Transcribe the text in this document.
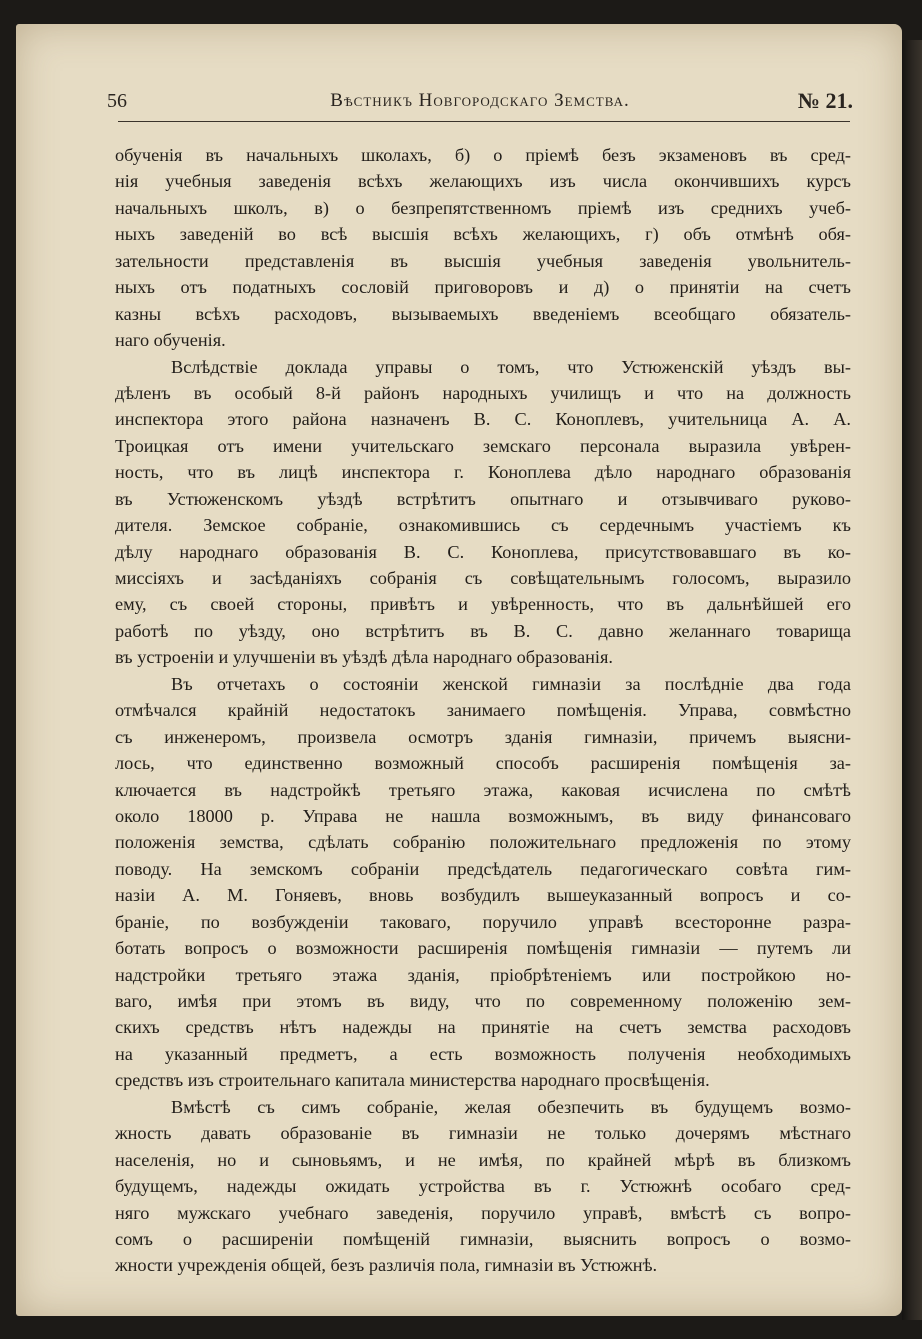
56	Вѣстникъ Новгородскаго Земства.	№ 21.
обученія въ начальныхъ школахъ, б) о пріемѣ безъ экзаменовъ въ сред-
нія учебныя заведенія всѣхъ желающихъ изъ числа окончившихъ курсъ
начальныхъ школъ, в) о безпрепятственномъ пріемѣ изъ среднихъ учеб-
ныхъ заведеній во всѣ высшія всѣхъ желающихъ, г) объ отмѣнѣ обя-
зательности представленія въ высшія учебныя заведенія увольнитель-
ныхъ отъ податныхъ сословій приговоровъ и д) о принятіи на счетъ
казны всѣхъ расходовъ, вызываемыхъ введеніемъ всеобщаго обязатель-
наго обученія.
Вслѣдствіе доклада управы о томъ, что Устюженскій уѣздъ вы-
дѣленъ въ особый 8-й районъ народныхъ училищъ и что на должность
инспектора этого района назначенъ В. С. Коноплевъ, учительница А. А.
Троицкая отъ имени учительскаго земскаго персонала выразила увѣрен-
ность, что въ лицѣ инспектора г. Коноплева дѣло народнаго образованія
въ Устюженскомъ уѣздѣ встрѣтитъ опытнаго и отзывчиваго руково-
дителя. Земское собраніе, ознакомившись съ сердечнымъ участіемъ къ
дѣлу народнаго образованія В. С. Коноплева, присутствовавшаго въ ко-
миссіяхъ и засѣданіяхъ собранія съ совѣщательнымъ голосомъ, выразило
ему, съ своей стороны, привѣтъ и увѣренность, что въ дальнѣйшей его
работѣ по уѣзду, оно встрѣтитъ въ В. С. давно желаннаго товарища
въ устроеніи и улучшеніи въ уѣздѣ дѣла народнаго образованія.
Въ отчетахъ о состояніи женской гимназіи за послѣдніе два года
отмѣчался крайній недостатокъ занимаего помѣщенія. Управа, совмѣстно
съ инженеромъ, произвела осмотръ зданія гимназіи, причемъ выясни-
лось, что единственно возможный способъ расширенія помѣщенія за-
ключается въ надстройкѣ третьяго этажа, каковая исчислена по смѣтѣ
около 18000 р. Управа не нашла возможнымъ, въ виду финансоваго
положенія земства, сдѣлать собранію положительнаго предложенія по этому
поводу. На земскомъ собраніи предсѣдатель педагогическаго совѣта гим-
назіи А. М. Гоняевъ, вновь возбудилъ вышеуказанный вопросъ и со-
браніе, по возбужденіи таковаго, поручило управѣ всесторонне разра-
ботать вопросъ о возможности расширенія помѣщенія гимназіи — путемъ ли
надстройки третьяго этажа зданія, пріобрѣтеніемъ или постройкою но-
ваго, имѣя при этомъ въ виду, что по современному положенію зем-
скихъ средствъ нѣтъ надежды на принятіе на счетъ земства расходовъ
на указанный предметъ, а есть возможность полученія необходимыхъ
средствъ изъ строительнаго капитала министерства народнаго просвѣщенія.
Вмѣстѣ съ симъ собраніе, желая обезпечить въ будущемъ возмо-
жность давать образованіе въ гимназіи не только дочерямъ мѣстнаго
населенія, но и сыновьямъ, и не имѣя, по крайней мѣрѣ въ близкомъ
будущемъ, надежды ожидать устройства въ г. Устюжнѣ особаго сред-
няго мужскаго учебнаго заведенія, поручило управѣ, вмѣстѣ съ вопро-
сомъ о расширеніи помѣщеній гимназіи, выяснить вопросъ о возмо-
жности учрежденія общей, безъ различія пола, гимназіи въ Устюжнѣ.
